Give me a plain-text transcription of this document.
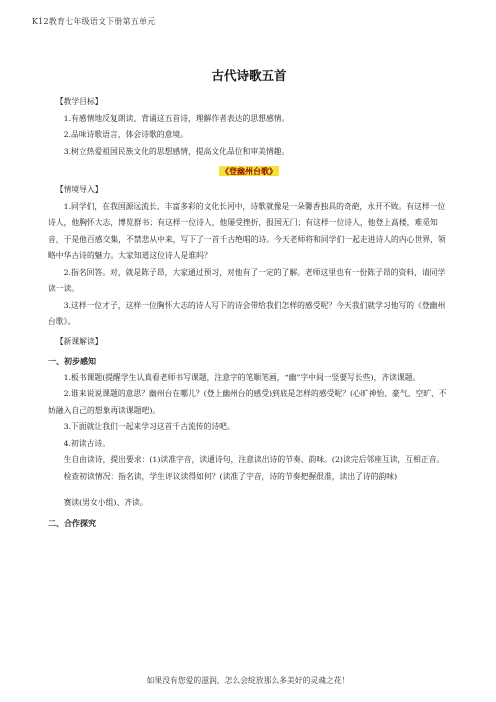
K12教育七年级语文下册第五单元
古代诗歌五首

【教学目标】

1.有感情地反复朗读、背诵这五首诗，理解作者表达的思想感情。

2.品味诗歌语言，体会诗歌的意境。

3.树立热爱祖国民族文化的思想感情，提高文化品位和审美情趣。

《登幽州台歌》

【情境导入】

1.同学们，在我国源远流长、丰富多彩的文化长河中，诗歌就像是一朵馨香独具的奇葩，永开不败。有这样一位诗人，他胸怀大志，博览群书；有这样一位诗人，他屡受挫折，报国无门；有这样一位诗人，他登上高楼，难觅知音，于是他百感交集，不禁悲从中来，写下了一首千古绝唱的诗。今天老师将和同学们一起走进诗人的内心世界，领略中华古诗的魅力。大家知道这位诗人是谁吗？

2.指名回答。对，就是陈子昂，大家通过预习，对他有了一定的了解。老师这里也有一份陈子昂的资料，请同学读一读。

3.这样一位才子，这样一位胸怀大志的诗人写下的诗会带给我们怎样的感受呢？今天我们就学习他写的《登幽州台歌》。

【新课解读】

一、初步感知

1.板书课题(提醒学生认真看老师书写课题，注意字的笔顺笔画，“幽”字中间一竖要写长些)，齐读课题。

2.谁来说说课题的意思？幽州台在哪儿？(登上幽州台的感受)到底是怎样的感受呢？(心旷神怡、豪气、空旷、不妨融入自己的想象再读课题吧)。

3.下面就让我们一起来学习这首千古流传的诗吧。

4.初读古诗。

生自由读诗，提出要求：(1)读准字音，读通诗句，注意读出诗的节奏、韵味。(2)读完后邻座互读，互相正音。

检查初读情况：指名读，学生评议读得如何？(读准了字音，诗的节奏把握很准，读出了诗的韵味)

赛读(男女小组)、齐读。

二、合作探究

如果没有您爱的滋润，怎么会绽放那么多美好的灵魂之花！
